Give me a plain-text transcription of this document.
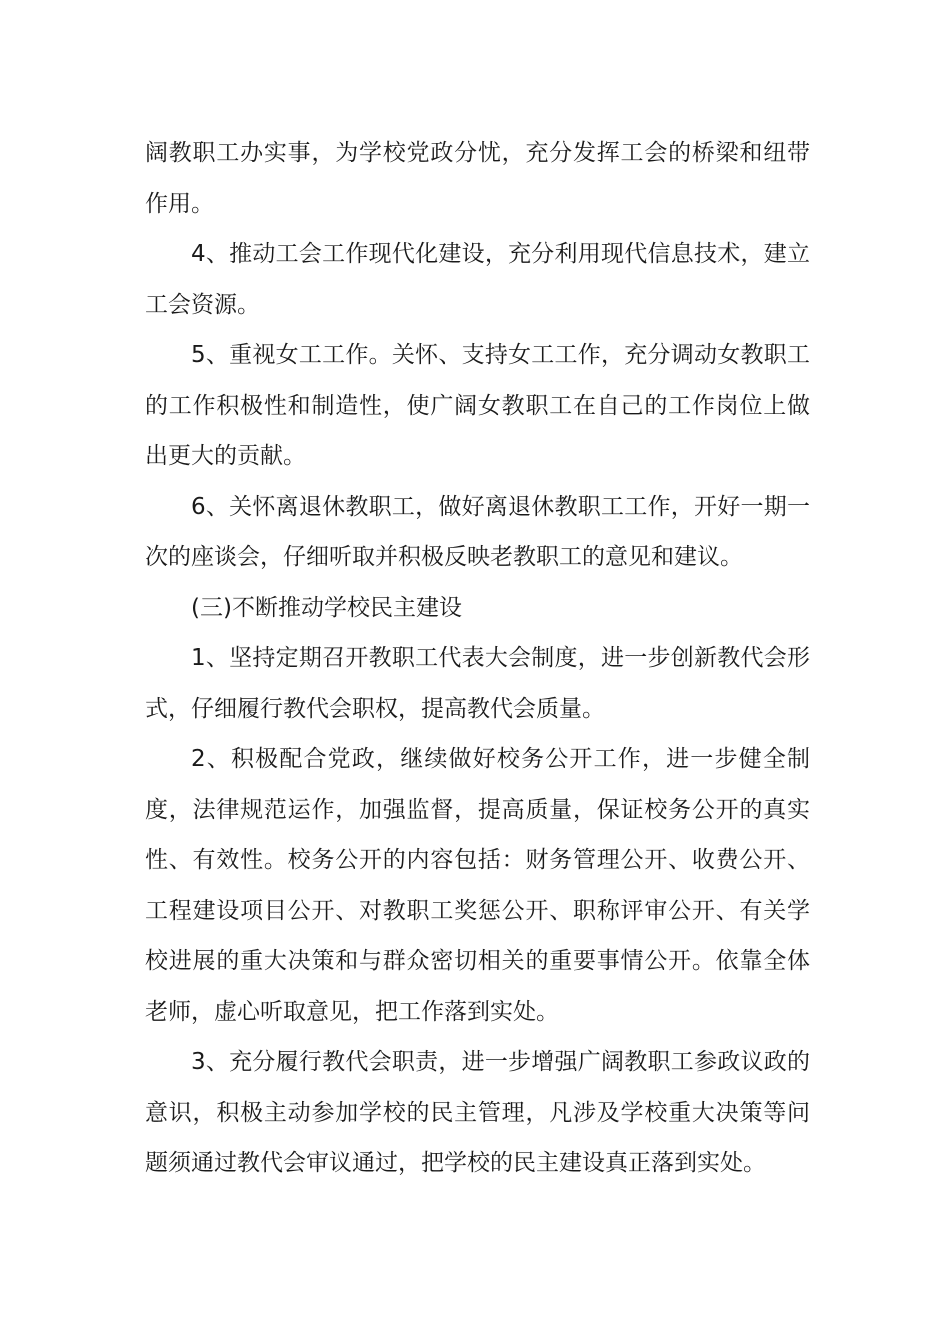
阔教职工办实事，为学校党政分忧，充分发挥工会的桥梁和纽带作用。

4、推动工会工作现代化建设，充分利用现代信息技术，建立工会资源。

5、重视女工工作。关怀、支持女工工作，充分调动女教职工的工作积极性和制造性，使广阔女教职工在自己的工作岗位上做出更大的贡献。

6、关怀离退休教职工，做好离退休教职工工作，开好一期一次的座谈会，仔细听取并积极反映老教职工的意见和建议。

(三)不断推动学校民主建设

1、坚持定期召开教职工代表大会制度，进一步创新教代会形式，仔细履行教代会职权，提高教代会质量。

2、积极配合党政，继续做好校务公开工作，进一步健全制度，法律规范运作，加强监督，提高质量，保证校务公开的真实性、有效性。校务公开的内容包括：财务管理公开、收费公开、工程建设项目公开、对教职工奖惩公开、职称评审公开、有关学校进展的重大决策和与群众密切相关的重要事情公开。依靠全体老师，虚心听取意见，把工作落到实处。

3、充分履行教代会职责，进一步增强广阔教职工参政议政的意识，积极主动参加学校的民主管理，凡涉及学校重大决策等问题须通过教代会审议通过，把学校的民主建设真正落到实处。
